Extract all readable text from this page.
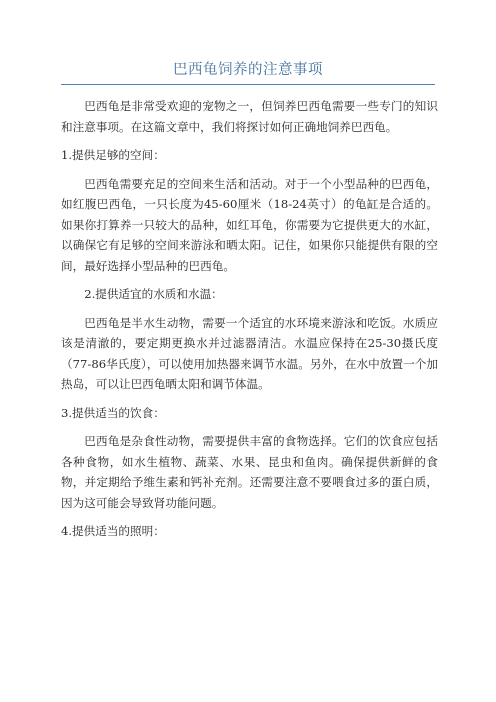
巴西龟饲养的注意事项

巴西龟是非常受欢迎的宠物之一，但饲养巴西龟需要一些专门的知识和注意事项。在这篇文章中，我们将探讨如何正确地饲养巴西龟。

1.提供足够的空间：

巴西龟需要充足的空间来生活和活动。对于一个小型品种的巴西龟，如红腹巴西龟，一只长度为45-60厘米（18-24英寸）的龟缸是合适的。如果你打算养一只较大的品种，如红耳龟，你需要为它提供更大的水缸，以确保它有足够的空间来游泳和晒太阳。记住，如果你只能提供有限的空间，最好选择小型品种的巴西龟。

2.提供适宜的水质和水温：

巴西龟是半水生动物，需要一个适宜的水环境来游泳和吃饭。水质应该是清澈的，要定期更换水并过滤器清洁。水温应保持在25-30摄氏度（77-86华氏度），可以使用加热器来调节水温。另外，在水中放置一个加热岛，可以让巴西龟晒太阳和调节体温。

3.提供适当的饮食：

巴西龟是杂食性动物，需要提供丰富的食物选择。它们的饮食应包括各种食物，如水生植物、蔬菜、水果、昆虫和鱼肉。确保提供新鲜的食物，并定期给予维生素和钙补充剂。还需要注意不要喂食过多的蛋白质，因为这可能会导致肾功能问题。

4.提供适当的照明：
